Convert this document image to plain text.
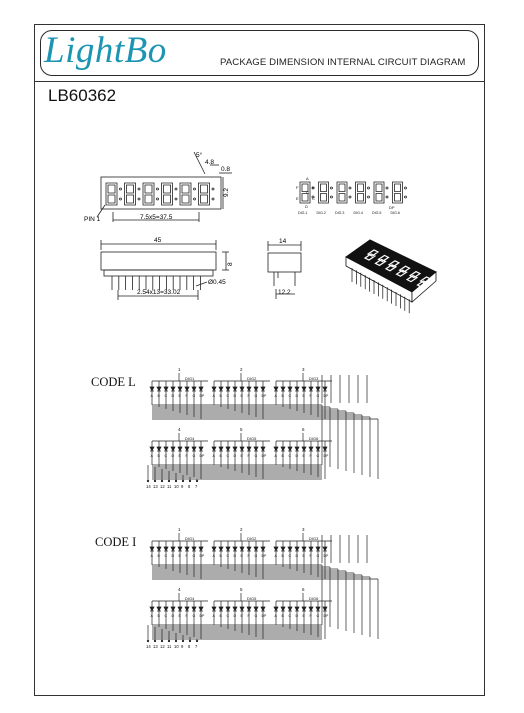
LightBo	PACKAGE DIMENSION INTERNAL CIRCUIT DIAGRAM
LB60362
5°
4.8
0.8
9.2
PIN 1	7.5x5=37.5
DIG.1	DIG.2	DIG.3	DIG.4	DIG.5	DIG.6
A
B
C
D
E
F
G
DP
45
8
Ø0.45
2.54x13=33.02
14
12.2
1
DIG1
A B C D E F G DP
2
DIG2
A B C D E F G DP
3
DIG3
A B C D E F G DP
4
DIG4
A B C D E F G DP
5
DIG5
A B C D E F G DP
6
DIG6
A B C D E F G DP
14 13 12 11 10 9 8 7
1
DIG1
A B C D E F G DP
2
DIG2
A B C D E F G DP
3
DIG3
A B C D E F G DP
4
DIG4
A B C D E F G DP
5
DIG5
A B C D E F G DP
6
DIG6
A B C D E F G DP
14 13 12 11 10 9 8 7
CODE L
CODE I
